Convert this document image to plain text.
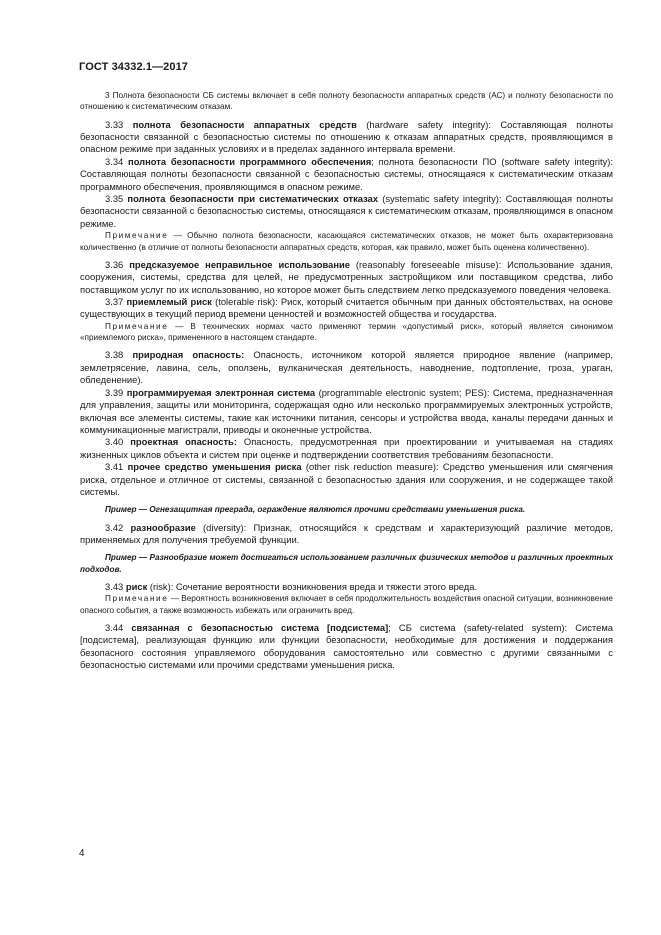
ГОСТ 34332.1—2017

3 Полнота безопасности СБ системы включает в себя полноту безопасности аппаратных средств (АС) и полноту безопасности по отношению к систематическим отказам.

3.33 полнота безопасности аппаратных средств (hardware safety integrity): Составляющая полноты безопасности связанной с безопасностью системы по отношению к отказам аппаратных средств, проявляющимся в опасном режиме при заданных условиях и в пределах заданного интервала времени.

3.34 полнота безопасности программного обеспечения; полнота безопасности ПО (software safety integrity): Составляющая полноты безопасности связанной с безопасностью системы, относящаяся к систематическим отказам программного обеспечения, проявляющимся в опасном режиме.

3.35 полнота безопасности при систематических отказах (systematic safety integrity): Составляющая полноты безопасности связанной с безопасностью системы, относящаяся к систематическим отказам, проявляющимся в опасном режиме.

Примечание — Обычно полнота безопасности, касающаяся систематических отказов, не может быть охарактеризована количественно (в отличие от полноты безопасности аппаратных средств, которая, как правило, может быть оценена количественно).

3.36 предсказуемое неправильное использование (reasonably foreseeable misuse): Использование здания, сооружения, системы, средства для целей, не предусмотренных застройщиком или поставщиком средства, либо поставщиком услуг по их использованию, но которое может быть следствием легко предсказуемого поведения человека.

3.37 приемлемый риск (tolerable risk): Риск, который считается обычным при данных обстоятельствах, на основе существующих в текущий период времени ценностей и возможностей общества и государства.

Примечание — В технических нормах часто применяют термин «допустимый риск», который является синонимом «приемлемого риска», примененного в настоящем стандарте.

3.38 природная опасность: Опасность, источником которой является природное явление (например, землетрясение, лавина, сель, оползень, вулканическая деятельность, наводнение, подтопление, гроза, ураган, обледенение).

3.39 программируемая электронная система (programmable electronic system; PES): Система, предназначенная для управления, защиты или мониторинга, содержащая одно или несколько программируемых электронных устройств, включая все элементы системы, такие как источники питания, сенсоры и устройства ввода, каналы передачи данных и коммуникационные магистрали, приводы и оконечные устройства.

3.40 проектная опасность: Опасность, предусмотренная при проектировании и учитываемая на стадиях жизненных циклов объекта и систем при оценке и подтверждении соответствия требованиям безопасности.

3.41 прочее средство уменьшения риска (other risk reduction measure): Средство уменьшения или смягчения риска, отдельное и отличное от системы, связанной с безопасностью здания или сооружения, и не содержащее такой системы.

Пример — Огнезащитная преграда, ограждение являются прочими средствами уменьшения риска.

3.42 разнообразие (diversity): Признак, относящийся к средствам и характеризующий различие методов, применяемых для получения требуемой функции.

Пример — Разнообразие может достигаться использованием различных физических методов и различных проектных подходов.

3.43 риск (risk): Сочетание вероятности возникновения вреда и тяжести этого вреда.

Примечание — Вероятность возникновения включает в себя продолжительность воздействия опасной ситуации, возникновение опасного события, а также возможность избежать или ограничить вред.

3.44 связанная с безопасностью система [подсистема]; СБ система (safety-related system): Система [подсистема], реализующая функцию или функции безопасности, необходимые для достижения и поддержания безопасного состояния управляемого оборудования самостоятельно или совместно с другими связанными с безопасностью системами или прочими средствами уменьшения риска.

4
